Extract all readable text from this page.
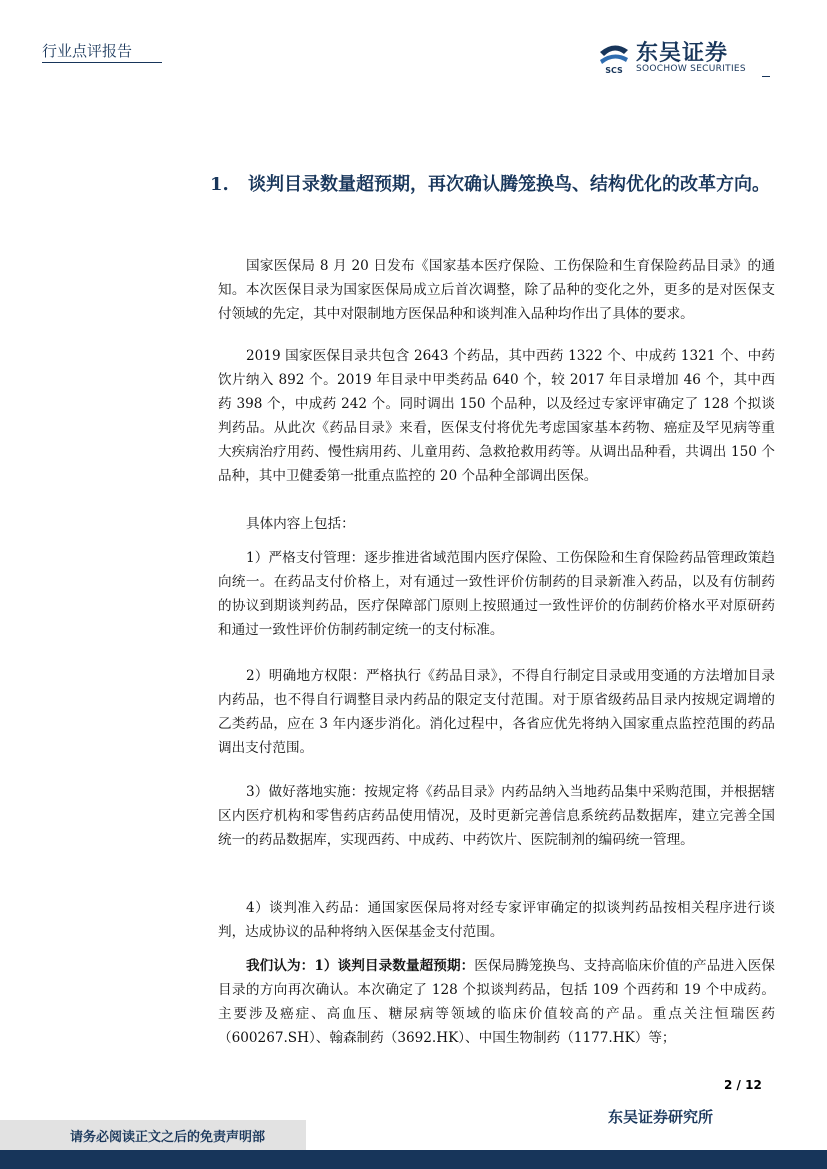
行业点评报告
SCS
东吴证券
SOOCHOW SECURITIES
1. 谈判目录数量超预期，再次确认腾笼换鸟、结构优化的改革方向。
国家医保局 8 月 20 日发布《国家基本医疗保险、工伤保险和生育保险药品目录》的通知。本次医保目录为国家医保局成立后首次调整，除了品种的变化之外，更多的是对医保支付领域的先定，其中对限制地方医保品种和谈判准入品种均作出了具体的要求。
2019 国家医保目录共包含 2643 个药品，其中西药 1322 个、中成药 1321 个、中药饮片纳入 892 个。2019 年目录中甲类药品 640 个，较 2017 年目录增加 46 个，其中西药 398 个，中成药 242 个。同时调出 150 个品种，以及经过专家评审确定了 128 个拟谈判药品。从此次《药品目录》来看，医保支付将优先考虑国家基本药物、癌症及罕见病等重大疾病治疗用药、慢性病用药、儿童用药、急救抢救用药等。从调出品种看，共调出 150 个品种，其中卫健委第一批重点监控的 20 个品种全部调出医保。
具体内容上包括：
1）严格支付管理：逐步推进省域范围内医疗保险、工伤保险和生育保险药品管理政策趋向统一。在药品支付价格上，对有通过一致性评价仿制药的目录新准入药品，以及有仿制药的协议到期谈判药品，医疗保障部门原则上按照通过一致性评价的仿制药价格水平对原研药和通过一致性评价仿制药制定统一的支付标准。
2）明确地方权限：严格执行《药品目录》，不得自行制定目录或用变通的方法增加目录内药品，也不得自行调整目录内药品的限定支付范围。对于原省级药品目录内按规定调增的乙类药品，应在 3 年内逐步消化。消化过程中，各省应优先将纳入国家重点监控范围的药品调出支付范围。
3）做好落地实施：按规定将《药品目录》内药品纳入当地药品集中采购范围，并根据辖区内医疗机构和零售药店药品使用情况，及时更新完善信息系统药品数据库，建立完善全国统一的药品数据库，实现西药、中成药、中药饮片、医院制剂的编码统一管理。
4）谈判准入药品：通国家医保局将对经专家评审确定的拟谈判药品按相关程序进行谈判，达成协议的品种将纳入医保基金支付范围。
我们认为：1）谈判目录数量超预期：医保局腾笼换鸟、支持高临床价值的产品进入医保目录的方向再次确认。本次确定了 128 个拟谈判药品，包括 109 个西药和 19 个中成药。主要涉及癌症、高血压、糖尿病等领域的临床价值较高的产品。重点关注恒瑞医药（600267.SH）、翰森制药（3692.HK）、中国生物制药（1177.HK）等；
2 / 12
东吴证券研究所
请务必阅读正文之后的免责声明部
